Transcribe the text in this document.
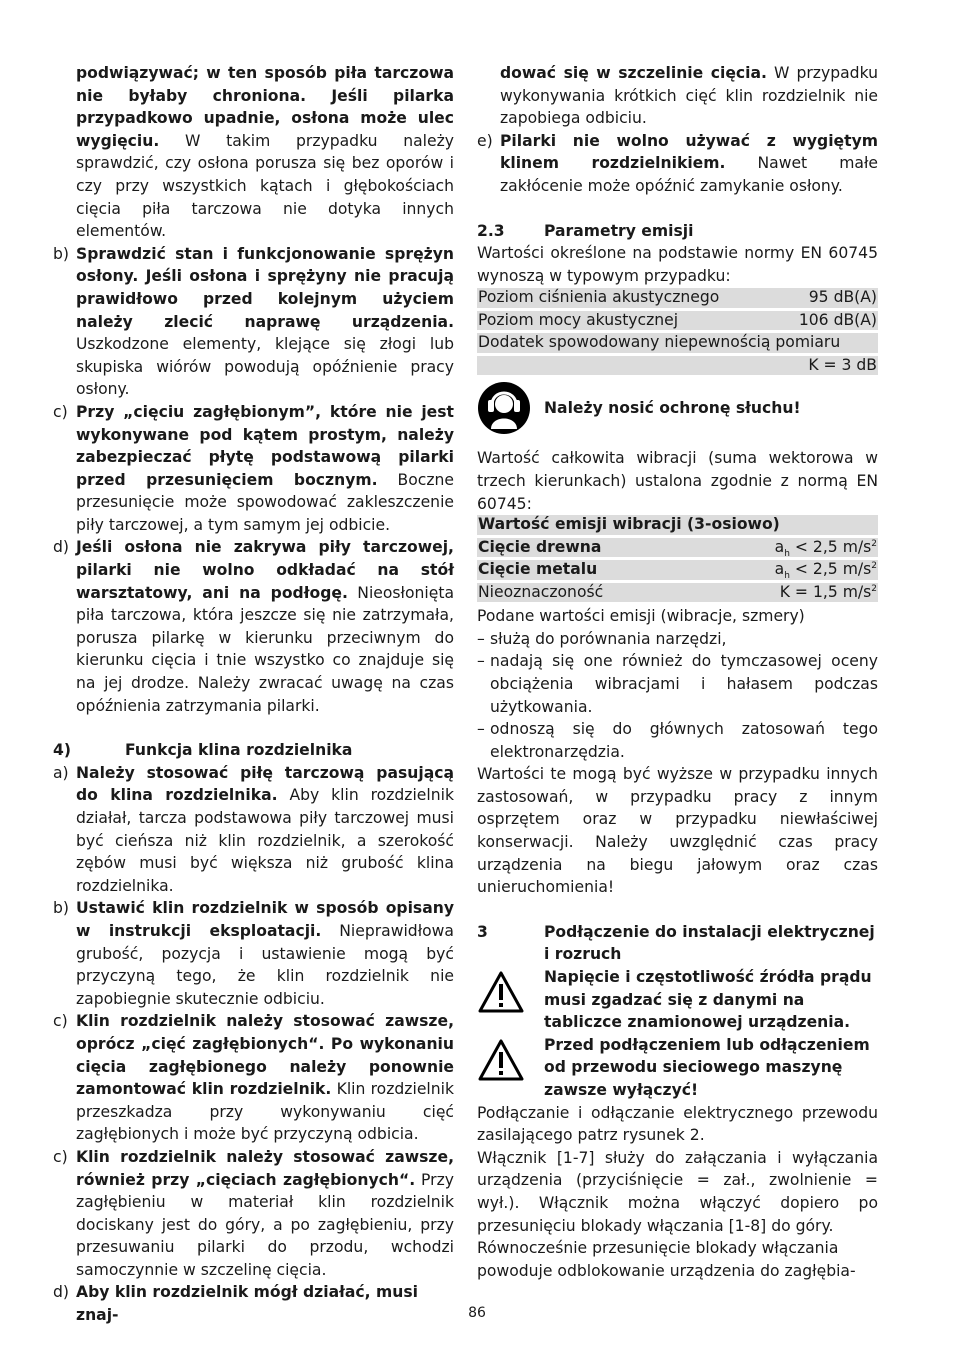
podwiązywać; w ten sposób piła tarczowa nie byłaby chroniona. Jeśli pilarka przypadkowo upadnie, osłona może ulec wygięciu. W takim przypadku należy sprawdzić, czy osłona porusza się bez oporów i czy przy wszystkich kątach i głębokościach cięcia piła tarczowa nie dotyka innych elementów.

b) Sprawdzić stan i funkcjonowanie sprężyn osłony. Jeśli osłona i sprężyny nie pracują prawidłowo przed kolejnym użyciem należy zlecić naprawę urządzenia. Uszkodzone elementy, klejące się złogi lub skupiska wiórów powodują opóźnienie pracy osłony.
c) Przy „cięciu zagłębionym”, które nie jest wykonywane pod kątem prostym, należy zabezpieczać płytę podstawową pilarki przed przesunięciem bocznym. Boczne przesunięcie może spowodować zakleszczenie piły tarczowej, a tym samym jej odbicie.
d) Jeśli osłona nie zakrywa piły tarczowej, pilarki nie wolno odkładać na stół warsztatowy, ani na podłogę. Nieosłonięta piła tarczowa, która jeszcze się nie zatrzymała, porusza pilarkę w kierunku przeciwnym do kierunku cięcia i tnie wszystko co znajduje się na jej drodze. Należy zwracać uwagę na czas opóźnienia zatrzymania pilarki.
4)	Funkcja klina rozdzielnika
a) Należy stosować piłę tarczową pasującą do klina rozdzielnika. Aby klin rozdzielnik działał, tarcza podstawowa piły tarczowej musi być cieńsza niż klin rozdzielnik, a szerokość zębów musi być większa niż grubość klina rozdzielnika.
b) Ustawić klin rozdzielnik w sposób opisany w instrukcji eksploatacji. Nieprawidłowa grubość, pozycja i ustawienie mogą być przyczyną tego, że klin rozdzielnik nie zapobiegnie skutecznie odbiciu.
c) Klin rozdzielnik należy stosować zawsze, oprócz „cięć zagłębionych“. Po wykonaniu cięcia zagłębionego należy ponownie zamontować klin rozdzielnik. Klin rozdzielnik przeszkadza przy wykonywaniu cięć zagłębionych i może być przyczyną odbicia.
c) Klin rozdzielnik należy stosować zawsze, również przy „cięciach zagłębionych“. Przy zagłębieniu w materiał klin rozdzielnik dociskany jest do góry, a po zagłębieniu, przy przesuwaniu pilarki do przodu, wchodzi samoczynnie w szczelinę cięcia.
d) Aby klin rozdzielnik mógł działać, musi znaj-

dować się w szczelinie cięcia. W przypadku wykonywania krótkich cięć klin rozdzielnik nie zapobiega odbiciu.

e) Pilarki nie wolno używać z wygiętym klinem rozdzielnikiem. Nawet małe zakłócenie może opóźnić zamykanie osłony.
2.3	Parametry emisji

Wartości określone na podstawie normy EN 60745 wynoszą w typowym przypadku:

Poziom ciśnienia akustycznego	95 dB(A)
Poziom mocy akustycznej	106 dB(A)
Dodatek spowodowany niepewnością pomiaru
K = 3 dB
Należy nosić ochronę słuchu!

Wartość całkowita wibracji (suma wektorowa w trzech kierunkach) ustalona zgodnie z normą EN 60745:

Wartość emisji wibracji (3-osiowo)
Cięcie drewna	$a_h < 2,5$ $m/s^2$
Cięcie metalu	$a_h < 2,5$ $m/s^2$
Nieoznaczoność	K = 1,5 $m/s^2$

Podane wartości emisji (wibracje, szmery)

– służą do porównania narzędzi,
– nadają się one również do tymczasowej oceny obciążenia wibracjami i hałasem podczas użytkowania.
– odnoszą się do głównych zatosowań tego elektronarzędzia.

Wartości te mogą być wyższe w przypadku innych zastosowań, w przypadku pracy z innym osprzętem oraz w przypadku niewłaściwej konserwacji. Należy uwzględnić czas pracy urządzenia na biegu jałowym oraz czas unieruchomienia!

3	Podłączenie do instalacji elektrycznej i rozruch
Napięcie i częstotliwość źródła prądu musi zgadzać się z danymi na tabliczce znamionowej urządzenia.
Przed podłączeniem lub odłączeniem od przewodu sieciowego maszynę zawsze wyłączyć!

Podłączanie i odłączanie elektrycznego przewodu zasilającego patrz rysunek 2.

Włącznik [1-7] służy do załączania i wyłączania urządzenia (przyciśnięcie = zał., zwolnienie = wył.). Włącznik można włączyć dopiero po przesunięciu blokady włączania [1-8] do góry.

Równocześnie przesunięcie blokady włączania powoduje odblokowanie urządzenia do zagłębia-

86
